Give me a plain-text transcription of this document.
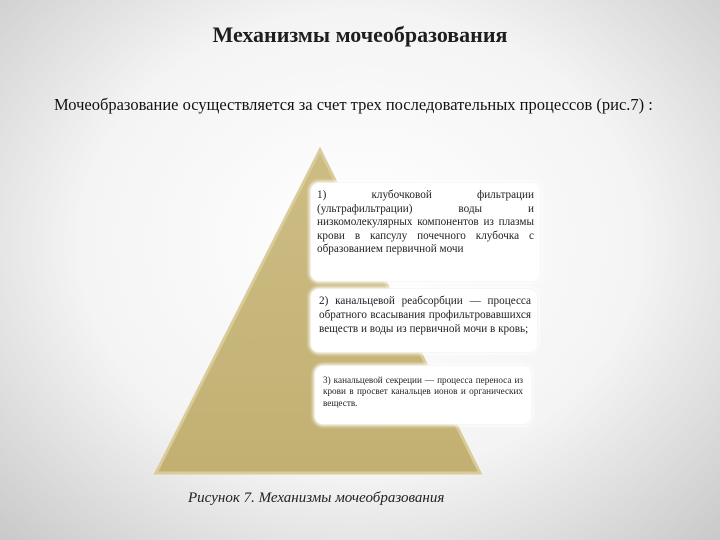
Механизмы мочеобразования
Мочеобразование осуществляется за счет трех последовательных процессов (рис.7) :
1) клубочковой фильтрации (ультрафильтрации) воды и низкомолекулярных компонентов из плазмы крови в капсулу почечного клубочка с образованием первичной мочи
2) канальцевой реабсорбции — процесса обратного всасывания профильтровавшихся веществ и воды из первичной мочи в кровь;
3) канальцевой секреции — процесса переноса из крови в просвет канальцев ионов и органических веществ.
Рисунок 7. Механизмы мочеобразования
